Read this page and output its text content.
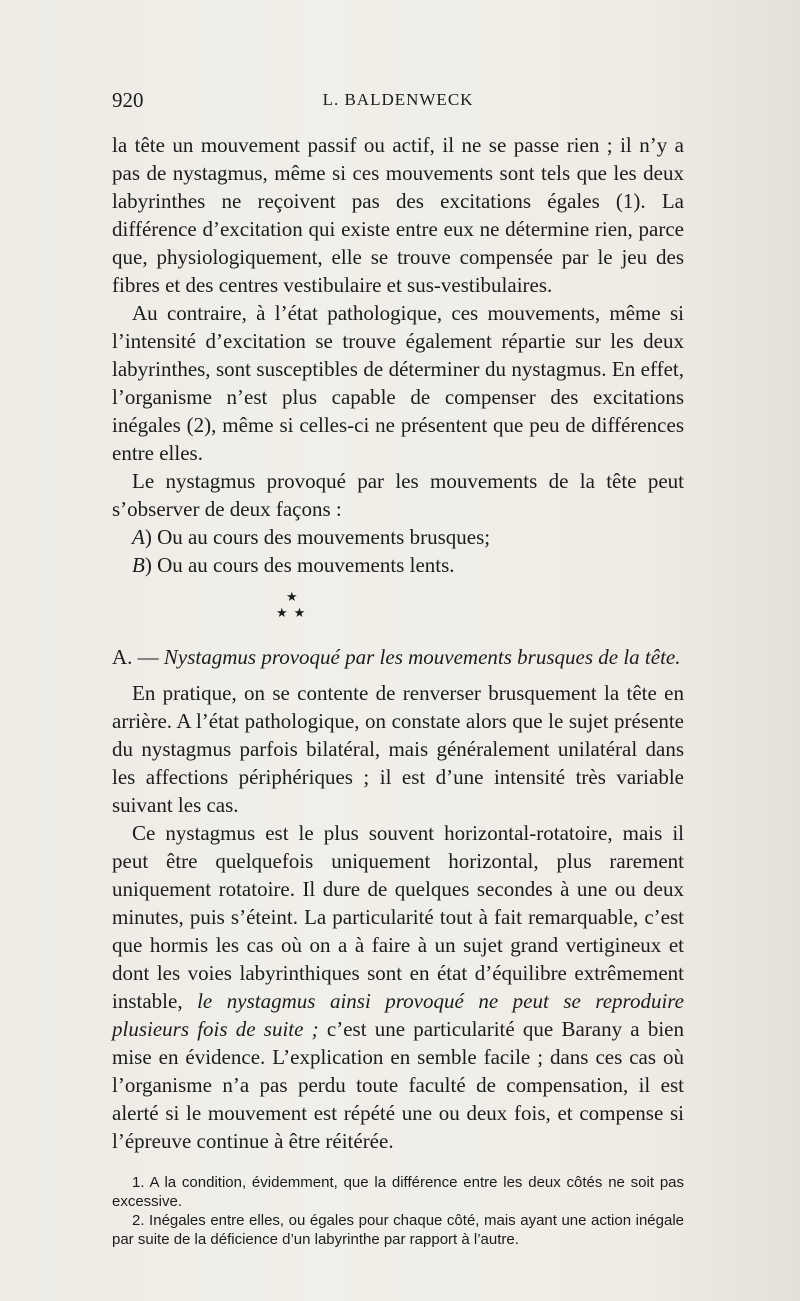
920	L. BALDENWECK

la tête un mouvement passif ou actif, il ne se passe rien ; il n’y a pas de nystagmus, même si ces mouvements sont tels que les deux labyrinthes ne reçoivent pas des excitations égales (1). La différence d’excitation qui existe entre eux ne détermine rien, parce que, physiologiquement, elle se trouve compensée par le jeu des fibres et des centres vestibulaire et sus-vestibulaires.

Au contraire, à l’état pathologique, ces mouvements, même si l’intensité d’excitation se trouve également répartie sur les deux labyrinthes, sont susceptibles de déterminer du nystagmus. En effet, l’organisme n’est plus capable de compenser des excitations inégales (2), même si celles-ci ne présentent que peu de différences entre elles.

Le nystagmus provoqué par les mouvements de la tête peut s’observer de deux façons :

A) Ou au cours des mouvements brusques;

B) Ou au cours des mouvements lents.

★
★★

A. — Nystagmus provoqué par les mouvements brusques de la tête.

En pratique, on se contente de renverser brusquement la tête en arrière. A l’état pathologique, on constate alors que le sujet présente du nystagmus parfois bilatéral, mais généralement unilatéral dans les affections périphériques ; il est d’une intensité très variable suivant les cas.

Ce nystagmus est le plus souvent horizontal-rotatoire, mais il peut être quelquefois uniquement horizontal, plus rarement uniquement rotatoire. Il dure de quelques secondes à une ou deux minutes, puis s’éteint. La particularité tout à fait remarquable, c’est que hormis les cas où on a à faire à un sujet grand vertigineux et dont les voies labyrinthiques sont en état d’équilibre extrêmement instable, le nystagmus ainsi provoqué ne peut se reproduire plusieurs fois de suite ; c’est une particularité que Barany a bien mise en évidence. L’explication en semble facile ; dans ces cas où l’organisme n’a pas perdu toute faculté de compensation, il est alerté si le mouvement est répété une ou deux fois, et compense si l’épreuve continue à être réitérée.

1. A la condition, évidemment, que la différence entre les deux côtés ne soit pas excessive.

2. Inégales entre elles, ou égales pour chaque côté, mais ayant une action inégale par suite de la déficience d’un labyrinthe par rapport à l’autre.
